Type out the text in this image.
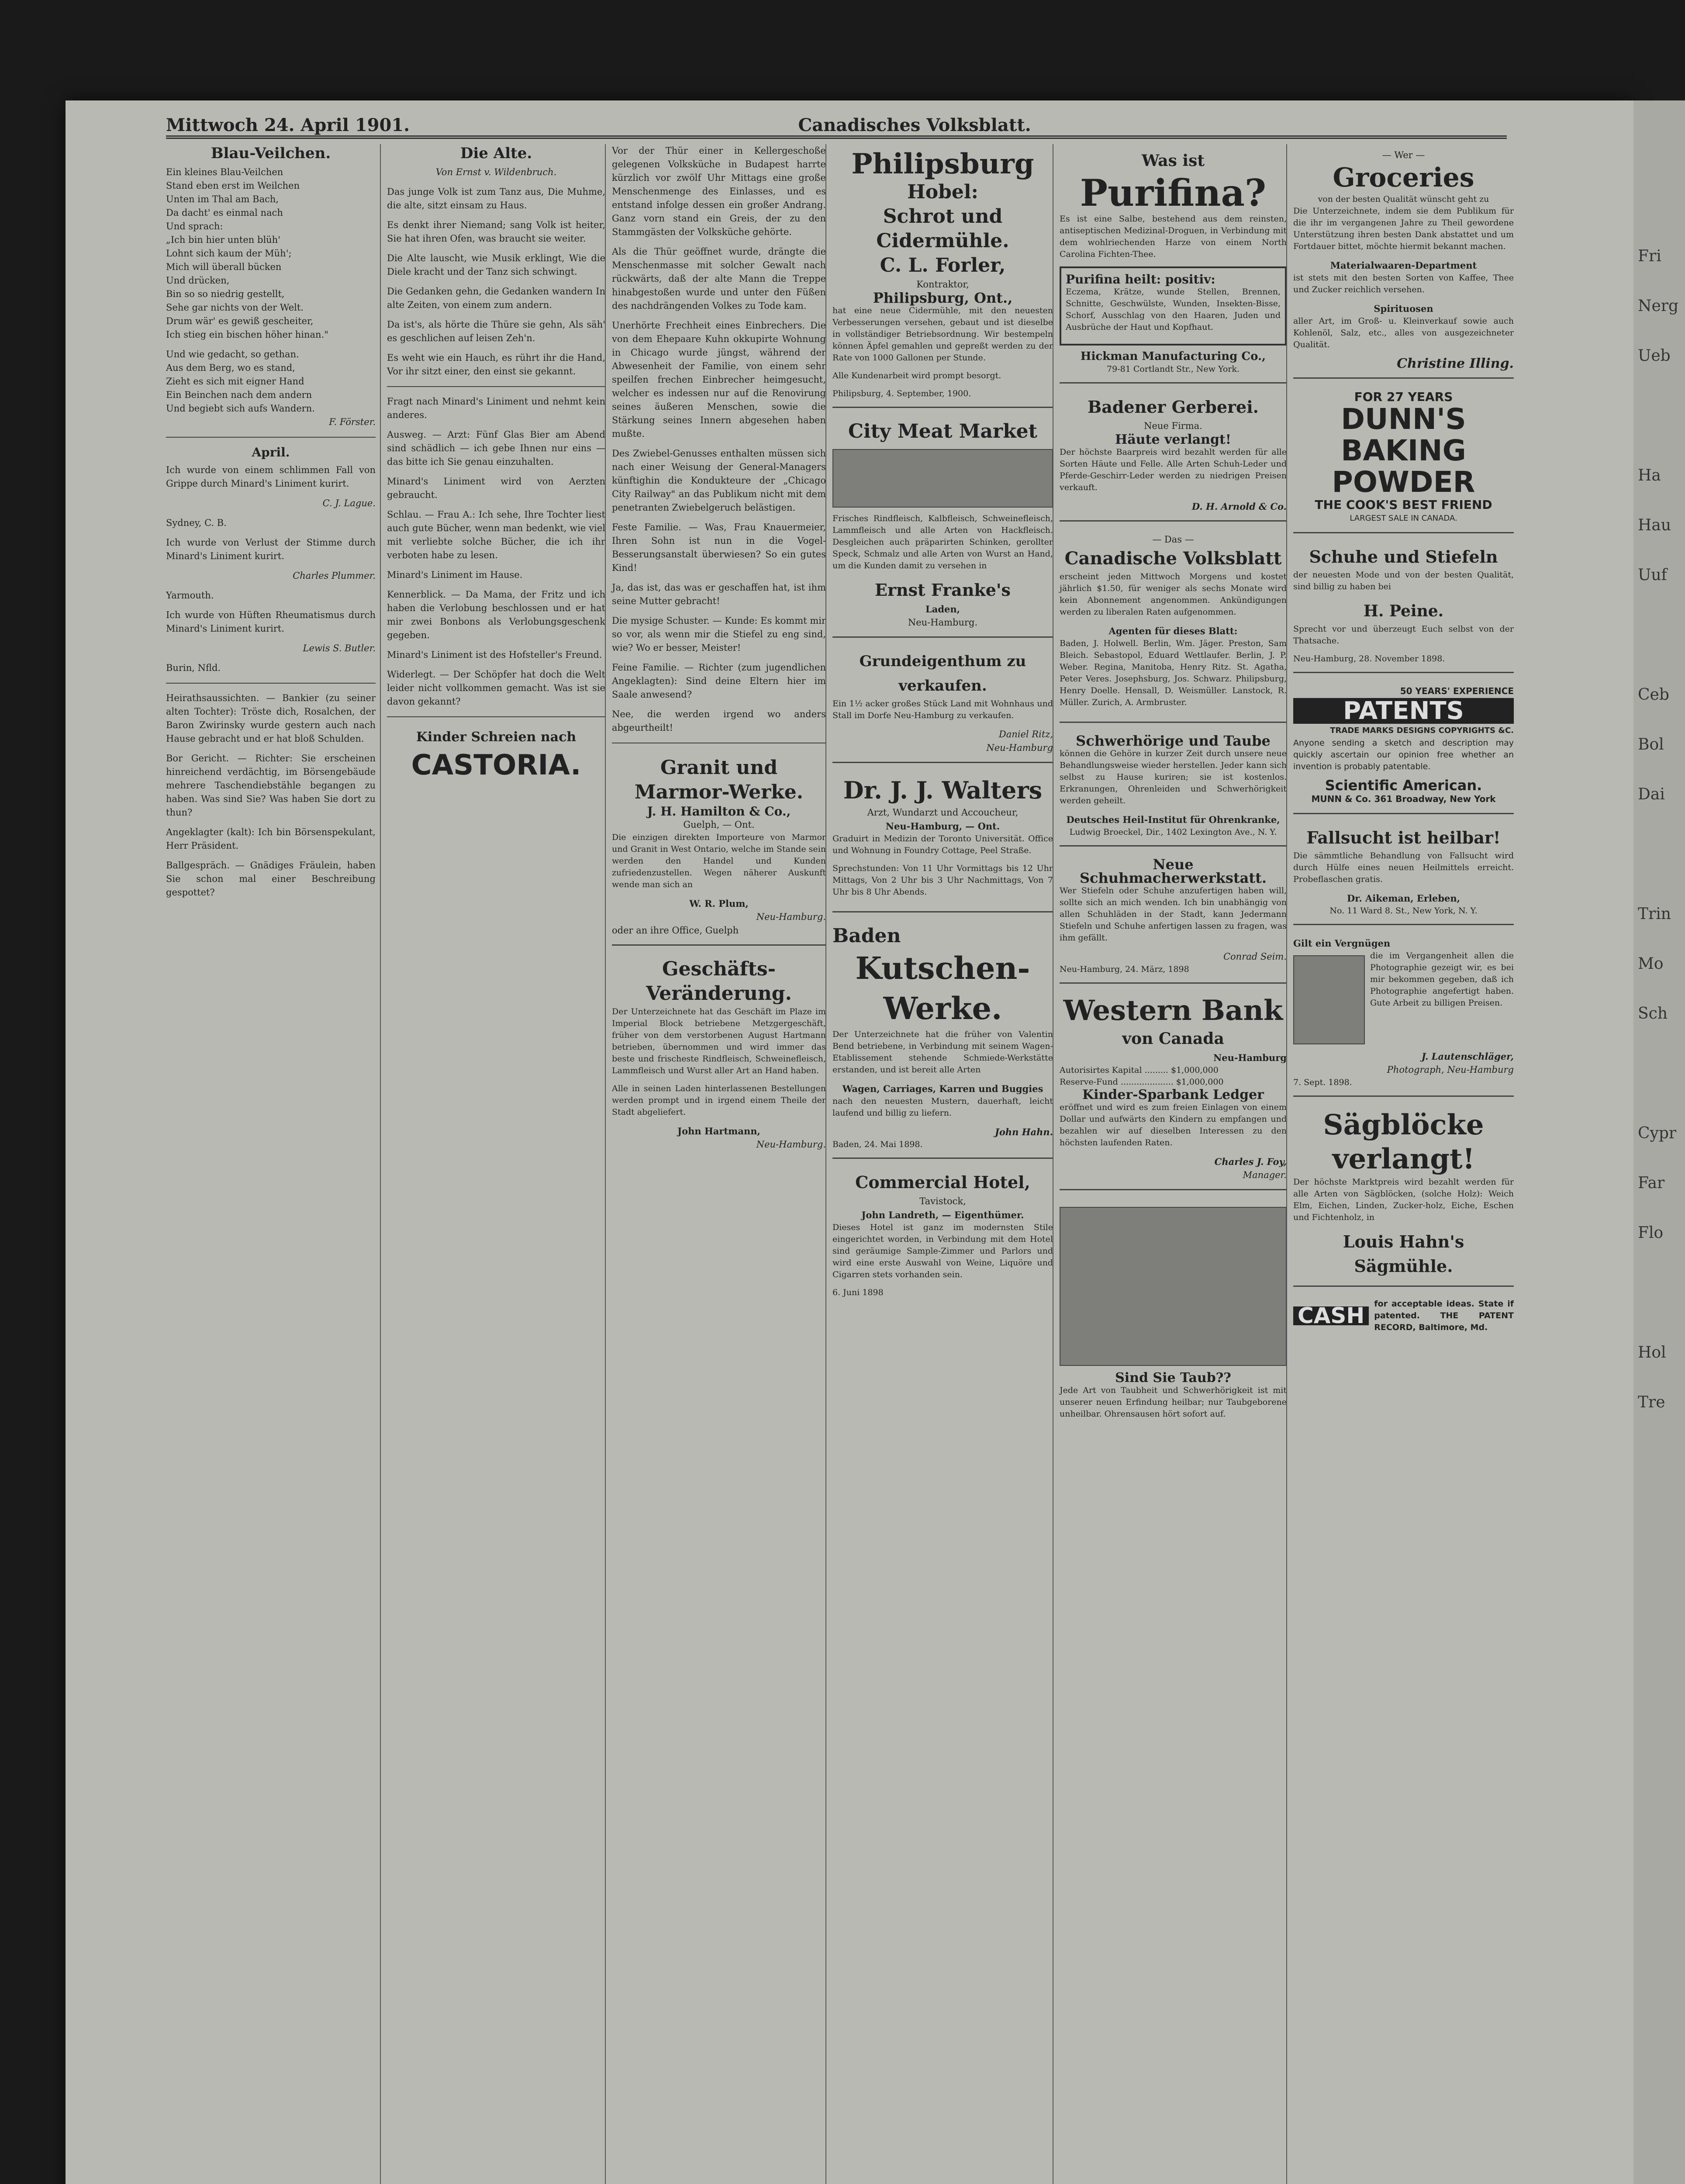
Fri
Nerg
Ueb
Ha
Hau
Uuf
Ceb
Bol
Dai
Trin
Mo
Sch
Cypr
Far
Flo
Hol
Tre
Mittwoch 24. April 1901.	Canadisches Volksblatt.
Blau-Veilchen.

Ein kleines Blau-Veilchen
Stand eben erst im Weilchen
Unten im Thal am Bach,
Da dacht' es einmal nach
Und sprach:
„Ich bin hier unten blüh'
Lohnt sich kaum der Müh';
Mich will überall bücken
Und drücken,
Bin so so niedrig gestellt,
Sehe gar nichts von der Welt.
Drum wär' es gewiß gescheiter,
Ich stieg ein bischen höher hinan."

Und wie gedacht, so gethan.
Aus dem Berg, wo es stand,
Zieht es sich mit eigner Hand
Ein Beinchen nach dem andern
Und begiebt sich aufs Wandern.

F. Förster.

April.

Ich wurde von einem schlimmen Fall von Grippe durch Minard's Liniment kurirt.

C. J. Lague.

Sydney, C. B.

Ich wurde von Verlust der Stimme durch Minard's Liniment kurirt.

Charles Plummer.

Yarmouth.

Ich wurde von Hüften Rheumatismus durch Minard's Liniment kurirt.

Lewis S. Butler.

Burin, Nfld.

Heirathsaussichten. — Bankier (zu seiner alten Tochter): Tröste dich, Rosalchen, der Baron Zwirinsky wurde gestern auch nach Hause gebracht und er hat bloß Schulden.

Bor Gericht. — Richter: Sie erscheinen hinreichend verdächtig, im Börsengebäude mehrere Taschendiebstähle begangen zu haben. Was sind Sie? Was haben Sie dort zu thun?

Angeklagter (kalt): Ich bin Börsenspekulant, Herr Präsident.

Ballgespräch. — Gnädiges Fräulein, haben Sie schon mal einer Beschreibung gespottet?

Die Alte.
Von Ernst v. Wildenbruch.

Das junge Volk ist zum Tanz aus, Die Muhme, die alte, sitzt einsam zu Haus.

Es denkt ihrer Niemand; sang Volk ist heiter, Sie hat ihren Ofen, was braucht sie weiter.

Die Alte lauscht, wie Musik erklingt, Wie die Diele kracht und der Tanz sich schwingt.

Die Gedanken gehn, die Gedanken wandern In alte Zeiten, von einem zum andern.

Da ist's, als hörte die Thüre sie gehn, Als säh' es geschlichen auf leisen Zeh'n.

Es weht wie ein Hauch, es rührt ihr die Hand, Vor ihr sitzt einer, den einst sie gekannt.

Fragt nach Minard's Liniment und nehmt kein anderes.

Ausweg. — Arzt: Fünf Glas Bier am Abend sind schädlich — ich gebe Ihnen nur eins — das bitte ich Sie genau einzuhalten.

Minard's Liniment wird von Aerzten gebraucht.

Schlau. — Frau A.: Ich sehe, Ihre Tochter liest auch gute Bücher, wenn man bedenkt, wie viel mit verliebte solche Bücher, die ich ihr verboten habe zu lesen.

Minard's Liniment im Hause.

Kennerblick. — Da Mama, der Fritz und ich haben die Verlobung beschlossen und er hat mir zwei Bonbons als Verlobungsgeschenk gegeben.

Minard's Liniment ist des Hofsteller's Freund.

Widerlegt. — Der Schöpfer hat doch die Welt leider nicht vollkommen gemacht. Was ist sie davon gekannt?

Kinder Schreien nach
CASTORIA.

Vor der Thür einer in Kellergeschoße gelegenen Volksküche in Budapest harrte kürzlich vor zwölf Uhr Mittags eine große Menschenmenge des Einlasses, und es entstand infolge dessen ein großer Andrang. Ganz vorn stand ein Greis, der zu den Stammgästen der Volksküche gehörte.

Als die Thür geöffnet wurde, drängte die Menschenmasse mit solcher Gewalt nach rückwärts, daß der alte Mann die Treppe hinabgestoßen wurde und unter den Füßen des nachdrängenden Volkes zu Tode kam.

Unerhörte Frechheit eines Einbrechers. Die von dem Ehepaare Kuhn okkupirte Wohnung in Chicago wurde jüngst, während der Abwesenheit der Familie, von einem sehr speilfen frechen Einbrecher heimgesucht, welcher es indessen nur auf die Renovirung seines äußeren Menschen, sowie die Stärkung seines Innern abgesehen haben mußte.

Des Zwiebel-Genusses enthalten müssen sich nach einer Weisung der General-Managers künftighin die Kondukteure der „Chicago City Railway" an das Publikum nicht mit dem penetranten Zwiebelgeruch belästigen.

Feste Familie. — Was, Frau Knauermeier, Ihren Sohn ist nun in die Vogel-Besserungsanstalt überwiesen? So ein gutes Kind!

Ja, das ist, das was er geschaffen hat, ist ihm seine Mutter gebracht!

Die mysige Schuster. — Kunde: Es kommt mir so vor, als wenn mir die Stiefel zu eng sind, wie? Wo er besser, Meister!

Feine Familie. — Richter (zum jugendlichen Angeklagten): Sind deine Eltern hier im Saale anwesend?

Nee, die werden irgend wo anders abgeurtheilt!

Granit und Marmor-Werke.
J. H. Hamilton & Co.,
Guelph, — Ont.

Die einzigen direkten Importeure von Marmor und Granit in West Ontario, welche im Stande sein werden den Handel und Kunden zufriedenzustellen. Wegen näherer Auskunft wende man sich an

W. R. Plum,
Neu-Hamburg.
oder an ihre Office, Guelph
Geschäfts-Veränderung.

Der Unterzeichnete hat das Geschäft im Plaze im Imperial Block betriebene Metzgergeschäft, früher von dem verstorbenen August Hartmann betrieben, übernommen und wird immer das beste und frischeste Rindfleisch, Schweinefleisch, Lammfleisch und Wurst aller Art an Hand haben.

Alle in seinen Laden hinterlassenen Bestellungen werden prompt und in irgend einem Theile der Stadt abgeliefert.

John Hartmann,
Neu-Hamburg.
Philipsburg
Hobel:
Schrot und Cidermühle.
C. L. Forler,
Kontraktor,
Philipsburg, Ont.,

hat eine neue Cidermühle, mit den neuesten Verbesserungen versehen, gebaut und ist dieselbe in vollständiger Betriebsordnung. Wir bestempeln können Äpfel gemahlen und gepreßt werden zu der Rate von 1000 Gallonen per Stunde.

Alle Kundenarbeit wird prompt besorgt.

Philipsburg, 4. September, 1900.
City Meat Market

Frisches Rindfleisch, Kalbfleisch, Schweinefleisch, Lammfleisch und alle Arten von Hackfleisch. Desgleichen auch präparirten Schinken, gerollter Speck, Schmalz und alle Arten von Wurst an Hand, um die Kunden damit zu versehen in

Ernst Franke's
Laden,
Neu-Hamburg.
Grundeigenthum zu verkaufen.

Ein 1½ acker großes Stück Land mit Wohnhaus und Stall im Dorfe Neu-Hamburg zu verkaufen.

Daniel Ritz,
Neu-Hamburg
Dr. J. J. Walters
Arzt, Wundarzt und Accoucheur,
Neu-Hamburg, — Ont.

Graduirt in Medizin der Toronto Universität. Office und Wohnung in Foundry Cottage, Peel Straße.

Sprechstunden: Von 11 Uhr Vormittags bis 12 Uhr Mittags, Von 2 Uhr bis 3 Uhr Nachmittags, Von 7 Uhr bis 8 Uhr Abends.

Baden
Kutschen-Werke.

Der Unterzeichnete hat die früher von Valentin Bend betriebene, in Verbindung mit seinem Wagen-Etablissement stehende Schmiede-Werkstätte erstanden, und ist bereit alle Arten

Wagen, Carriages, Karren und Buggies

nach den neuesten Mustern, dauerhaft, leicht laufend und billig zu liefern.

John Hahn.
Baden, 24. Mai 1898.
Commercial Hotel,
Tavistock,
John Landreth, — Eigenthümer.

Dieses Hotel ist ganz im modernsten Stile eingerichtet worden, in Verbindung mit dem Hotel sind geräumige Sample-Zimmer und Parlors und wird eine erste Auswahl von Weine, Liquöre und Cigarren stets vorhanden sein.

6. Juni 1898
Was ist
Purifina?

Es ist eine Salbe, bestehend aus dem reinsten, antiseptischen Medizinal-Droguen, in Verbindung mit dem wohlriechenden Harze von einem North Carolina Fichten-Thee.

Purifina heilt: positiv:

Eczema, Krätze, wunde Stellen, Brennen, Schnitte, Geschwülste, Wunden, Insekten-Bisse, Schorf, Ausschlag von den Haaren, Juden und Ausbrüche der Haut und Kopfhaut.

Hickman Manufacturing Co.,
79-81 Cortlandt Str., New York.
Badener Gerberei.
Neue Firma.
Häute verlangt!

Der höchste Baarpreis wird bezahlt werden für alle Sorten Häute und Felle. Alle Arten Schuh-Leder und Pferde-Geschirr-Leder werden zu niedrigen Preisen verkauft.

D. H. Arnold & Co.
— Das —
Canadische Volksblatt

erscheint jeden Mittwoch Morgens und kostet jährlich $1.50, für weniger als sechs Monate wird kein Abonnement angenommen. Ankündigungen werden zu liberalen Raten aufgenommen.

Agenten für dieses Blatt:

Baden, J. Holwell. Berlin, Wm. Jäger. Preston, Sam Bleich. Sebastopol, Eduard Wettlaufer. Berlin, J. P. Weber. Regina, Manitoba, Henry Ritz. St. Agatha, Peter Veres. Josephsburg, Jos. Schwarz. Philipsburg, Henry Doelle. Hensall, D. Weismüller. Lanstock, R. Müller. Zurich, A. Armbruster.

Schwerhörige und Taube

können die Gehöre in kurzer Zeit durch unsere neue Behandlungsweise wieder herstellen. Jeder kann sich selbst zu Hause kuriren; sie ist kostenlos. Erkranungen, Ohrenleiden und Schwerhörigkeit werden geheilt.

Deutsches Heil-Institut für Ohrenkranke,
Ludwig Broeckel, Dir., 1402 Lexington Ave., N. Y.
Neue Schuhmacherwerkstatt.

Wer Stiefeln oder Schuhe anzufertigen haben will, sollte sich an mich wenden. Ich bin unabhängig von allen Schuhläden in der Stadt, kann Jedermann Stiefeln und Schuhe anfertigen lassen zu fragen, was ihm gefällt.

Conrad Seim.
Neu-Hamburg, 24. März, 1898
Western Bank
von Canada
Neu-Hamburg
Autorisirtes Kapital ......... $1,000,000
Reserve-Fund .................... $1,000,000
Kinder-Sparbank Ledger

eröffnet und wird es zum freien Einlagen von einem Dollar und aufwärts den Kindern zu empfangen und bezahlen wir auf dieselben Interessen zu den höchsten laufenden Raten.

Charles J. Foy,
Manager.
Sind Sie Taub??

Jede Art von Taubheit und Schwerhörigkeit ist mit unserer neuen Erfindung heilbar; nur Taubgeborene unheilbar. Ohrensausen hört sofort auf.

— Wer —
Groceries
von der besten Qualität wünscht geht zu

Die Unterzeichnete, indem sie dem Publikum für die ihr im vergangenen Jahre zu Theil gewordene Unterstützung ihren besten Dank abstattet und um Fortdauer bittet, möchte hiermit bekannt machen.

Materialwaaren-Department

ist stets mit den besten Sorten von Kaffee, Thee und Zucker reichlich versehen.

Spirituosen

aller Art, im Groß- u. Kleinverkauf sowie auch Kohlenöl, Salz, etc., alles von ausgezeichneter Qualität.

Christine Illing.
FOR 27 YEARS
DUNN'S BAKING POWDER
THE COOK'S BEST FRIEND
LARGEST SALE IN CANADA.
Schuhe und Stiefeln

der neuesten Mode und von der besten Qualität, sind billig zu haben bei

H. Peine.

Sprecht vor und überzeugt Euch selbst von der Thatsache.

Neu-Hamburg, 28. November 1898.
50 YEARS' EXPERIENCE
PATENTS
TRADE MARKS DESIGNS COPYRIGHTS &C.

Anyone sending a sketch and description may quickly ascertain our opinion free whether an invention is probably patentable.

Scientific American.
MUNN & Co. 361 Broadway, New York
Fallsucht ist heilbar!

Die sämmtliche Behandlung von Fallsucht wird durch Hülfe eines neuen Heilmittels erreicht. Probeflaschen gratis.

Dr. Aikeman, Erleben,
No. 11 Ward 8. St., New York, N. Y.
Gilt ein Vergnügen

die im Vergangenheit allen die Photographie gezeigt wir, es bei mir bekommen gegeben, daß ich Photographie angefertigt haben. Gute Arbeit zu billigen Preisen.

J. Lautenschläger,
Photograph, Neu-Hamburg
7. Sept. 1898.
Sägblöcke verlangt!

Der höchste Marktpreis wird bezahlt werden für alle Arten von Sägblöcken, (solche Holz): Weich Elm, Eichen, Linden, Zucker-holz, Eiche, Eschen und Fichtenholz, in

Louis Hahn's
Sägmühle.
CASH	for acceptable ideas. State if patented. THE PATENT RECORD, Baltimore, Md.
